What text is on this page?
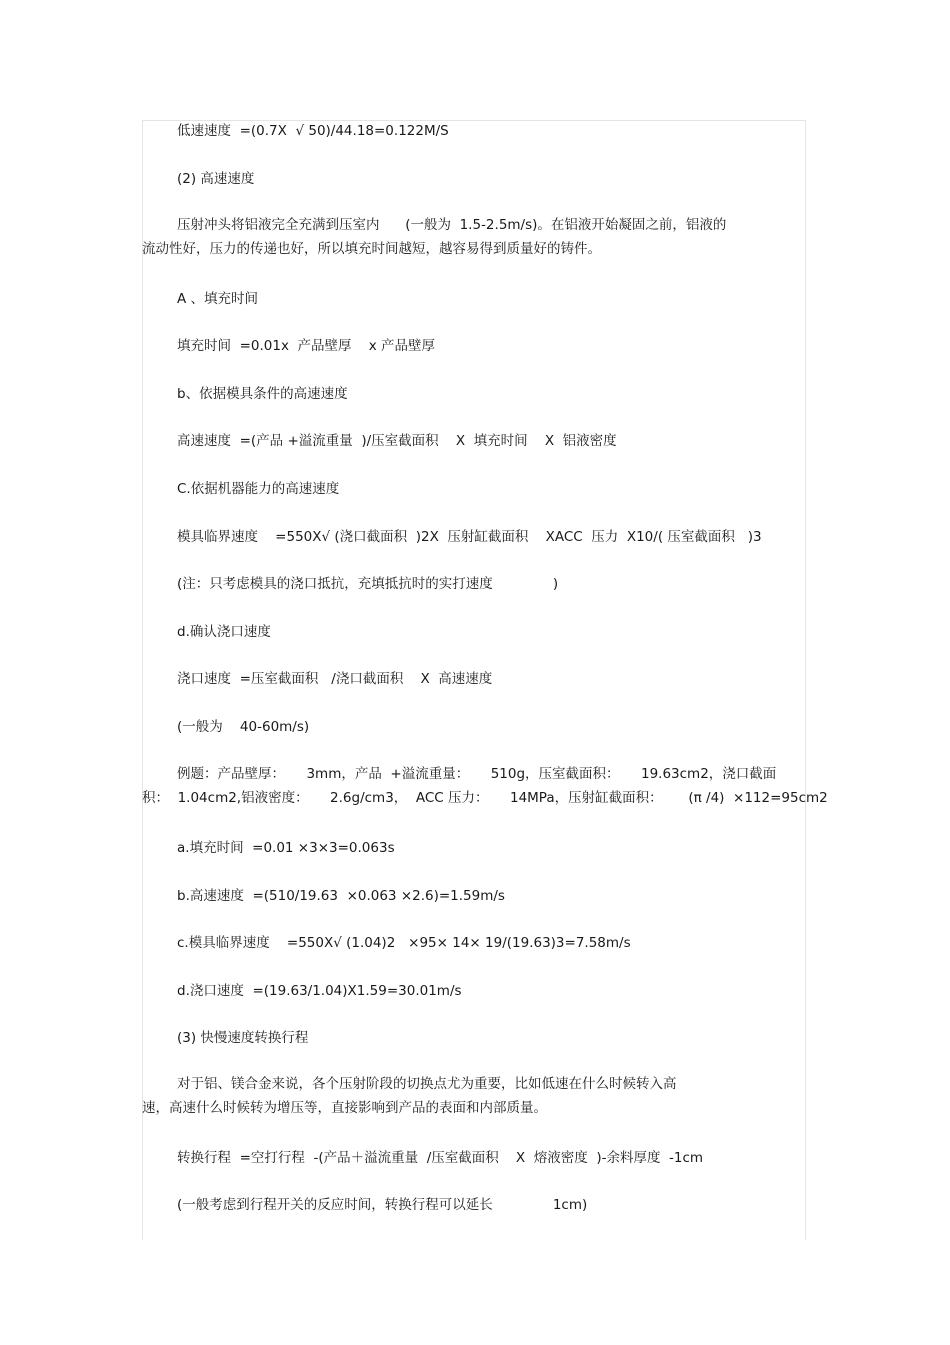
低速速度  =(0.7X  √ 50)/44.18=0.122M/S

(2) 高速速度

压射冲头将铝液完全充满到压室内      (一般为  1.5-2.5m/s)。在铝液开始凝固之前，铝液的
流动性好，压力的传递也好，所以填充时间越短，越容易得到质量好的铸件。

A 、填充时间

填充时间  =0.01x  产品壁厚    x 产品壁厚

b、依据模具条件的高速速度

高速速度  =(产品 +溢流重量  )/压室截面积    X  填充时间    X  铝液密度

C.依据机器能力的高速速度

模具临界速度    =550X√ (浇口截面积  )2X  压射缸截面积    XACC  压力  X10/( 压室截面积   )3

(注：只考虑模具的浇口抵抗，充填抵抗时的实打速度              )

d.确认浇口速度

浇口速度  =压室截面积   /浇口截面积    X  高速速度

(一般为    40-60m/s)

例题：产品壁厚：     3mm，产品  +溢流重量：     510g，压室截面积：     19.63cm2，浇口截面
积：  1.04cm2,铝液密度：     2.6g/cm3，  ACC 压力：     14MPa，压射缸截面积：      (π /4)  ×112=95cm2

a.填充时间  =0.01 ×3×3=0.063s

b.高速速度  =(510/19.63  ×0.063 ×2.6)=1.59m/s

c.模具临界速度    =550X√ (1.04)2   ×95× 14× 19/(19.63)3=7.58m/s

d.浇口速度  =(19.63/1.04)X1.59=30.01m/s

(3) 快慢速度转换行程

对于铝、镁合金来说，各个压射阶段的切换点尤为重要，比如低速在什么时候转入高
速，高速什么时候转为增压等，直接影响到产品的表面和内部质量。

转换行程  =空打行程  -(产品＋溢流重量  /压室截面积    X  熔液密度  )-余料厚度  -1cm

(一般考虑到行程开关的反应时间，转换行程可以延长              1cm)
